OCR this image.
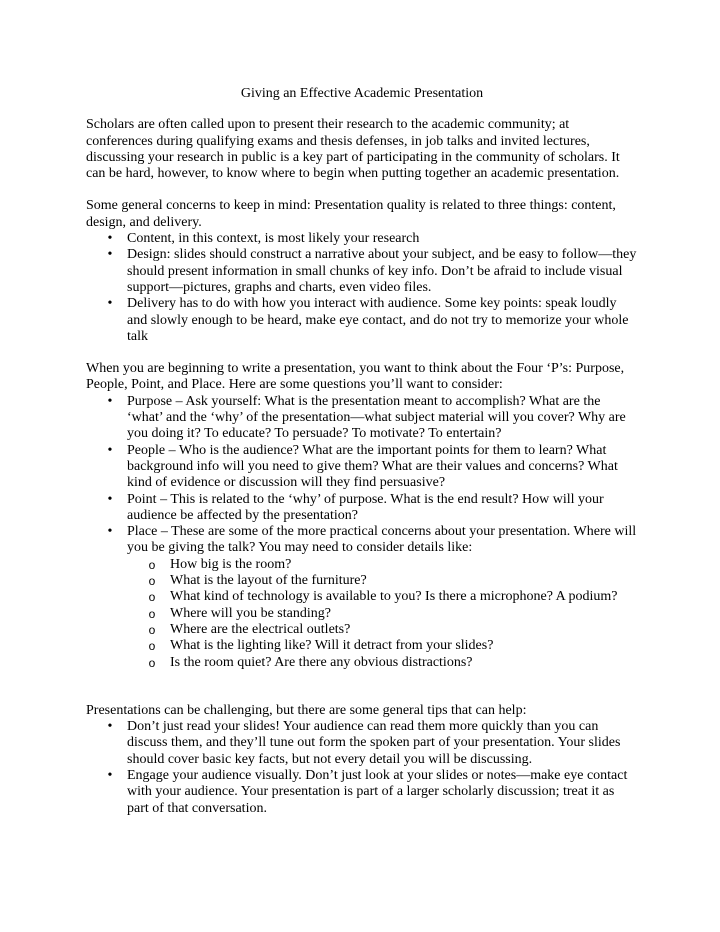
Giving an Effective Academic Presentation

Scholars are often called upon to present their research to the academic community; at conferences during qualifying exams and thesis defenses, in job talks and invited lectures, discussing your research in public is a key part of participating in the community of scholars. It can be hard, however, to know where to begin when putting together an academic presentation.

Some general concerns to keep in mind: Presentation quality is related to three things: content, design, and delivery.

• Content, in this context, is most likely your research
• Design: slides should construct a narrative about your subject, and be easy to follow—they should present information in small chunks of key info. Don’t be afraid to include visual support—pictures, graphs and charts, even video files.
• Delivery has to do with how you interact with audience. Some key points: speak loudly and slowly enough to be heard, make eye contact, and do not try to memorize your whole talk

When you are beginning to write a presentation, you want to think about the Four ‘P’s: Purpose, People, Point, and Place. Here are some questions you’ll want to consider:

• Purpose – Ask yourself: What is the presentation meant to accomplish? What are the ‘what’ and the ‘why’ of the presentation—what subject material will you cover? Why are you doing it? To educate? To persuade? To motivate? To entertain?
• People – Who is the audience? What are the important points for them to learn? What background info will you need to give them? What are their values and concerns? What kind of evidence or discussion will they find persuasive?
• Point – This is related to the ‘why’ of purpose. What is the end result? How will your audience be affected by the presentation?
• Place – These are some of the more practical concerns about your presentation. Where will you be giving the talk? You may need to consider details like:
o How big is the room?
o What is the layout of the furniture?
o What kind of technology is available to you? Is there a microphone? A podium?
o Where will you be standing?
o Where are the electrical outlets?
o What is the lighting like? Will it detract from your slides?
o Is the room quiet? Are there any obvious distractions?

Presentations can be challenging, but there are some general tips that can help:

• Don’t just read your slides! Your audience can read them more quickly than you can discuss them, and they’ll tune out form the spoken part of your presentation. Your slides should cover basic key facts, but not every detail you will be discussing.
• Engage your audience visually. Don’t just look at your slides or notes—make eye contact with your audience. Your presentation is part of a larger scholarly discussion; treat it as part of that conversation.
